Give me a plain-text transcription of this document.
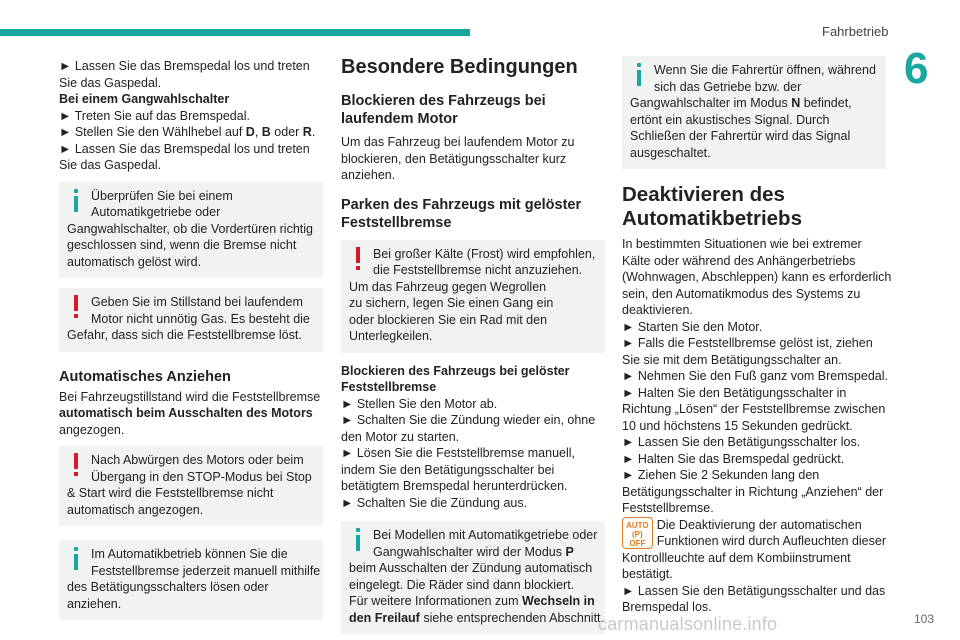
Fahrbetrieb
6
► Lassen Sie das Bremspedal los und treten
Sie das Gaspedal.
Bei einem Gangwahlschalter
► Treten Sie auf das Bremspedal.
► Stellen Sie den Wählhebel auf D, B oder R.
► Lassen Sie das Bremspedal los und treten
Sie das Gaspedal.
Überprüfen Sie bei einem
Automatikgetriebe oder
Gangwahlschalter, ob die Vordertüren richtig
geschlossen sind, wenn die Bremse nicht
automatisch gelöst wird.
Geben Sie im Stillstand bei laufendem
Motor nicht unnötig Gas. Es besteht die
Gefahr, dass sich die Feststellbremse löst.
Automatisches Anziehen
Bei Fahrzeugstillstand wird die Feststellbremse
automatisch beim Ausschalten des Motors
angezogen.
Nach Abwürgen des Motors oder beim
Übergang in den STOP-Modus bei Stop
& Start wird die Feststellbremse nicht
automatisch angezogen.
Im Automatikbetrieb können Sie die
Feststellbremse jederzeit manuell mithilfe
des Betätigungsschalters lösen oder
anziehen.
Besondere Bedingungen
Blockieren des Fahrzeugs bei
laufendem Motor
Um das Fahrzeug bei laufendem Motor zu
blockieren, den Betätigungsschalter kurz
anziehen.
Parken des Fahrzeugs mit gelöster
Feststellbremse
Bei großer Kälte (Frost) wird empfohlen,
die Feststellbremse nicht anzuziehen.
Um das Fahrzeug gegen Wegrollen
zu sichern, legen Sie einen Gang ein
oder blockieren Sie ein Rad mit den
Unterlegkeilen.
Blockieren des Fahrzeugs bei gelöster
Feststellbremse
► Stellen Sie den Motor ab.
► Schalten Sie die Zündung wieder ein, ohne
den Motor zu starten.
► Lösen Sie die Feststellbremse manuell,
indem Sie den Betätigungsschalter bei
betätigtem Bremspedal herunterdrücken.
► Schalten Sie die Zündung aus.
Bei Modellen mit Automatikgetriebe oder
Gangwahlschalter wird der Modus P
beim Ausschalten der Zündung automatisch
eingelegt. Die Räder sind dann blockiert.
Für weitere Informationen zum Wechseln in
den Freilauf siehe entsprechenden Abschnitt.
Wenn Sie die Fahrertür öffnen, während
sich das Getriebe bzw. der
Gangwahlschalter im Modus N befindet,
ertönt ein akustisches Signal. Durch
Schließen der Fahrertür wird das Signal
ausgeschaltet.
Deaktivieren des
Automatikbetriebs
In bestimmten Situationen wie bei extremer
Kälte oder während des Anhängerbetriebs
(Wohnwagen, Abschleppen) kann es erforderlich
sein, den Automatikmodus des Systems zu
deaktivieren.
► Starten Sie den Motor.
► Falls die Feststellbremse gelöst ist, ziehen
Sie sie mit dem Betätigungsschalter an.
► Nehmen Sie den Fuß ganz vom Bremspedal.
► Halten Sie den Betätigungsschalter in
Richtung „Lösen“ der Feststellbremse zwischen
10 und höchstens 15 Sekunden gedrückt.
► Lassen Sie den Betätigungsschalter los.
► Halten Sie das Bremspedal gedrückt.
► Ziehen Sie 2 Sekunden lang den
Betätigungsschalter in Richtung „Anziehen“ der
Feststellbremse.
AUTO
(P)
OFF
Die Deaktivierung der automatischen
Funktionen wird durch Aufleuchten dieser
Kontrollleuchte auf dem Kombiinstrument
bestätigt.
► Lassen Sie den Betätigungsschalter und das
Bremspedal los.
carmanualsonline.info	103
